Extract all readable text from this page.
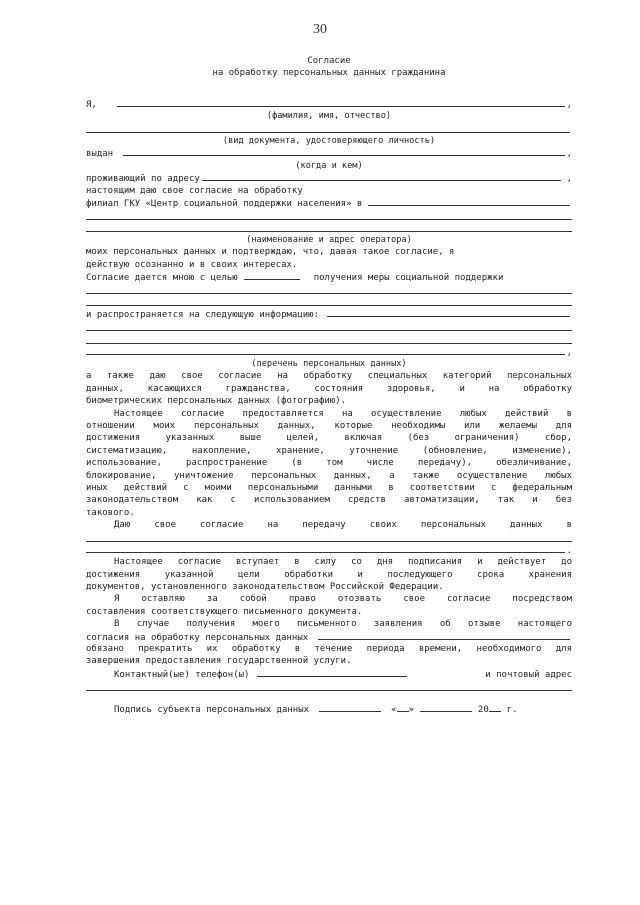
30
Согласие
на обработку персональных данных гражданина
Я,	,
(фамилия, имя, отчество)
(вид документа, удостоверяющего личность)
выдан	,
(когда и кем)
проживающий по адресу	,
настоящим даю свое согласие на обработку
филиал ГКУ «Центр социальной поддержки населения» в
(наименование и адрес оператора)
моих персональных данных и подтверждаю, что, давая такое согласие, я
действую осознанно и в своих интересах.
Согласие дается мною с целью	получения меры социальной поддержки
и распространяется на следующую информацию:
,
(перечень персональных данных)
а также даю свое согласие на обработку специальных категорий персональных
данных, касающихся гражданства, состояния здоровья, и на обработку
биометрических персональных данных (фотографию).
Настоящее согласие предоставляется на осуществление любых действий в
отношении моих персональных данных, которые необходимы или желаемы для
достижения указанных выше целей, включая (без ограничения) сбор,
систематизацию, накопление, хранение, уточнение (обновление, изменение),
использование, распространение (в том числе передачу), обезличивание,
блокирование, уничтожение персональных данных, а также осуществление любых
иных действий с моими персональными данными в соответствии с федеральным
законодательством как с использованием средств автоматизации, так и без
такового.
Даю свое согласие на передачу своих персональных данных в
.
Настоящее согласие вступает в силу со дня подписания и действует до
достижения указанной цели обработки и последующего срока хранения
документов, установленного законодательством Российской Федерации.
Я оставляю за собой право отозвать свое согласие посредством
составления соответствующего письменного документа.
В случае получения моего письменного заявления об отзыве настоящего
согласия на обработку персональных данных
обязано прекратить их обработку в течение периода времени, необходимого для
завершения предоставления государственной услуги.
Контактный(ые) телефон(ы)	и почтовый адрес
Подпись субъекта персональных данных	« »	20 г.
